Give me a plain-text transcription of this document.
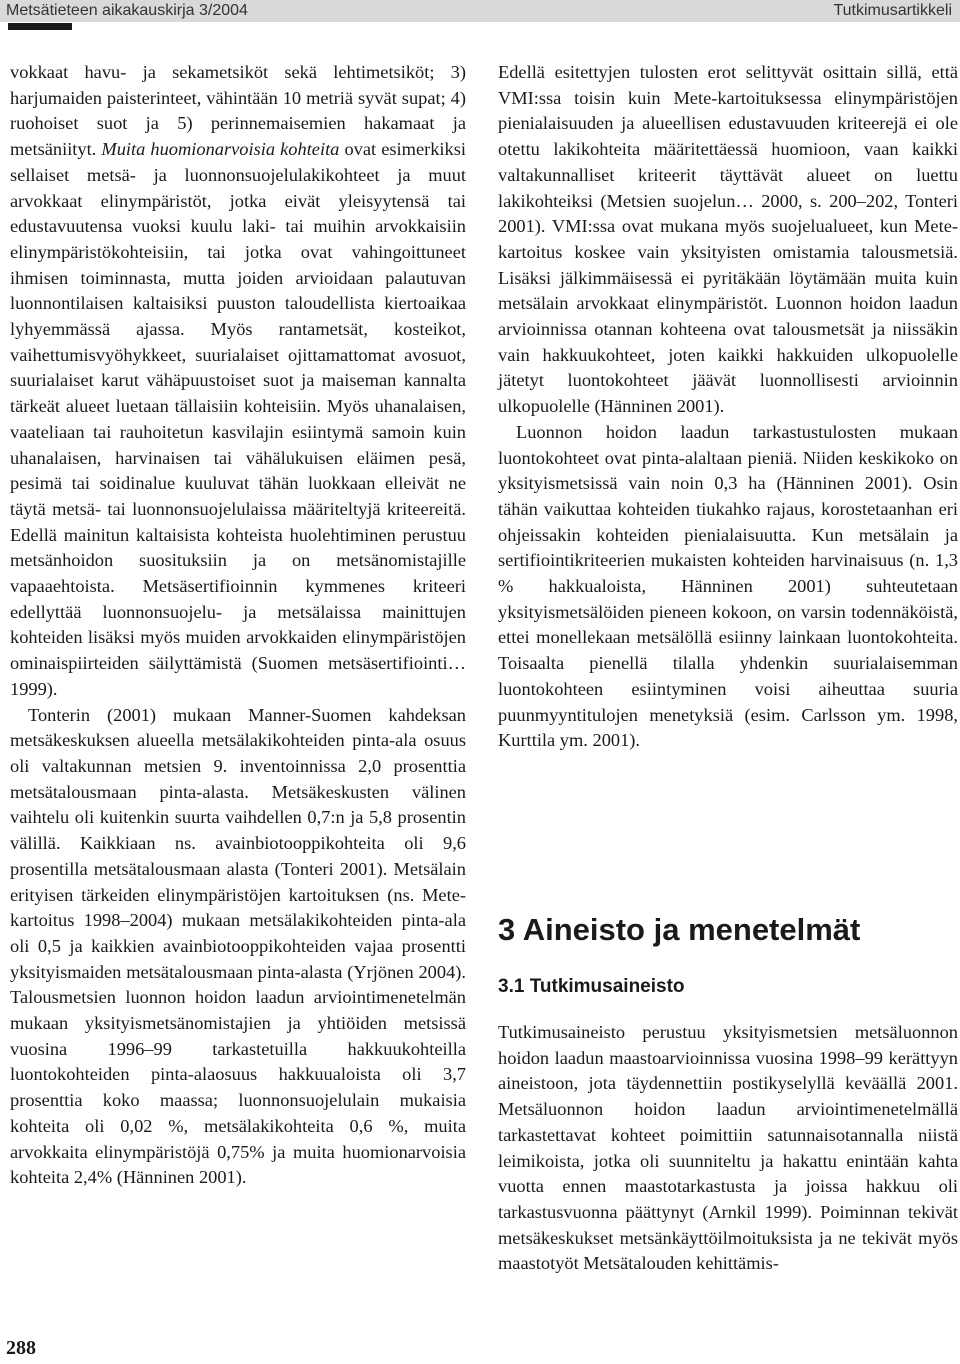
Metsätieteen aikakauskirja 3/2004	Tutkimusartikkeli

vokkaat havu- ja sekametsiköt sekä lehtimetsiköt; 3) harjumaiden paisterinteet, vähintään 10 metriä syvät supat; 4) ruohoiset suot ja 5) perinnemaisemien hakamaat ja metsäniityt. Muita huomionarvoisia kohteita ovat esimerkiksi sellaiset metsä- ja luonnonsuojelulakikohteet ja muut arvokkaat elinympäristöt, jotka eivät yleisyytensä tai edustavuutensa vuoksi kuulu laki- tai muihin arvokkaisiin elinympäristökohteisiin, tai jotka ovat vahingoittuneet ihmisen toiminnasta, mutta joiden arvioidaan palautuvan luonnontilaisen kaltaisiksi puuston taloudellista kiertoaikaa lyhyemmässä ajassa. Myös rantametsät, kosteikot, vaihettumisvyöhykkeet, suurialaiset ojittamattomat avosuot, suurialaiset karut vähäpuustoiset suot ja maiseman kannalta tärkeät alueet luetaan tällaisiin kohteisiin. Myös uhanalaisen, vaateliaan tai rauhoitetun kasvilajin esiintymä samoin kuin uhanalaisen, harvinaisen tai vähälukuisen eläimen pesä, pesimä tai soidinalue kuuluvat tähän luokkaan elleivät ne täytä metsä- tai luonnonsuojelulaissa määriteltyjä kriteereitä. Edellä mainitun kaltaisista kohteista huolehtiminen perustuu metsänhoidon suosituksiin ja on metsänomistajille vapaaehtoista. Metsäsertifioinnin kymmenes kriteeri edellyttää luonnonsuojelu- ja metsälaissa mainittujen kohteiden lisäksi myös muiden arvokkaiden elinympäristöjen ominaispiirteiden säilyttämistä (Suomen metsäsertifiointi… 1999).

Tonterin (2001) mukaan Manner-Suomen kahdeksan metsäkeskuksen alueella metsälakikohteiden pinta-ala osuus oli valtakunnan metsien 9. inventoinnissa 2,0 prosenttia metsätalousmaan pinta-alasta. Metsäkeskusten välinen vaihtelu oli kuitenkin suurta vaihdellen 0,7:n ja 5,8 prosentin välillä. Kaikkiaan ns. avainbiotooppikohteita oli 9,6 prosentilla metsätalousmaan alasta (Tonteri 2001). Metsälain erityisen tärkeiden elinympäristöjen kartoituksen (ns. Mete-kartoitus 1998–2004) mukaan metsälakikohteiden pinta-ala oli 0,5 ja kaikkien avainbiotooppikohteiden vajaa prosentti yksityismaiden metsätalousmaan pinta-alasta (Yrjönen 2004). Talousmetsien luonnon hoidon laadun arviointimenetelmän mukaan yksityismetsänomistajien ja yhtiöiden metsissä vuosina 1996–99 tarkastetuilla hakkuukohteilla luontokohteiden pinta-alaosuus hakkuualoista oli 3,7 prosenttia koko maassa; luonnonsuojelulain mukaisia kohteita oli 0,02 %, metsälakikohteita 0,6 %, muita arvokkaita elinympäristöjä 0,75% ja muita huomionarvoisia kohteita 2,4% (Hänninen 2001).

Edellä esitettyjen tulosten erot selittyvät osittain sillä, että VMI:ssa toisin kuin Mete-kartoituksessa elinympäristöjen pienialaisuuden ja alueellisen edustavuuden kriteerejä ei ole otettu lakikohteita määritettäessä huomioon, vaan kaikki valtakunnalliset kriteerit täyttävät alueet on luettu lakikohteiksi (Metsien suojelun… 2000, s. 200–202, Tonteri 2001). VMI:ssa ovat mukana myös suojelualueet, kun Mete-kartoitus koskee vain yksityisten omistamia talousmetsiä. Lisäksi jälkimmäisessä ei pyritäkään löytämään muita kuin metsälain arvokkaat elinympäristöt. Luonnon hoidon laadun arvioinnissa otannan kohteena ovat talousmetsät ja niissäkin vain hakkuukohteet, joten kaikki hakkuiden ulkopuolelle jätetyt luontokohteet jäävät luonnollisesti arvioinnin ulkopuolelle (Hänninen 2001).

Luonnon hoidon laadun tarkastustulosten mukaan luontokohteet ovat pinta-alaltaan pieniä. Niiden keskikoko on yksityismetsissä vain noin 0,3 ha (Hänninen 2001). Osin tähän vaikuttaa kohteiden tiukahko rajaus, korostetaanhan eri ohjeissakin kohteiden pienialaisuutta. Kun metsälain ja sertifiointikriteerien mukaisten kohteiden harvinaisuus (n. 1,3 % hakkualoista, Hänninen 2001) suhteutetaan yksityismetsälöiden pieneen kokoon, on varsin todennäköistä, ettei monellekaan metsälöllä esiinny lainkaan luontokohteita. Toisaalta pienellä tilalla yhdenkin suurialaisemman luontokohteen esiintyminen voisi aiheuttaa suuria puunmyyntitulojen menetyksiä (esim. Carlsson ym. 1998, Kurttila ym. 2001).

3 Aineisto ja menetelmät
3.1 Tutkimusaineisto

Tutkimusaineisto perustuu yksityismetsien metsäluonnon hoidon laadun maastoarvioinnissa vuosina 1998–99 kerättyyn aineistoon, jota täydennettiin postikyselyllä keväällä 2001. Metsäluonnon hoidon laadun arviointimenetelmällä tarkastettavat kohteet poimittiin satunnaisotannalla niistä leimikoista, jotka oli suunniteltu ja hakattu enintään kahta vuotta ennen maastotarkastusta ja joissa hakkuu oli tarkastusvuonna päättynyt (Arnkil 1999). Poiminnan tekivät metsäkeskukset metsänkäyttöilmoituksista ja ne tekivät myös maastotyöt Metsätalouden kehittämis-

288
